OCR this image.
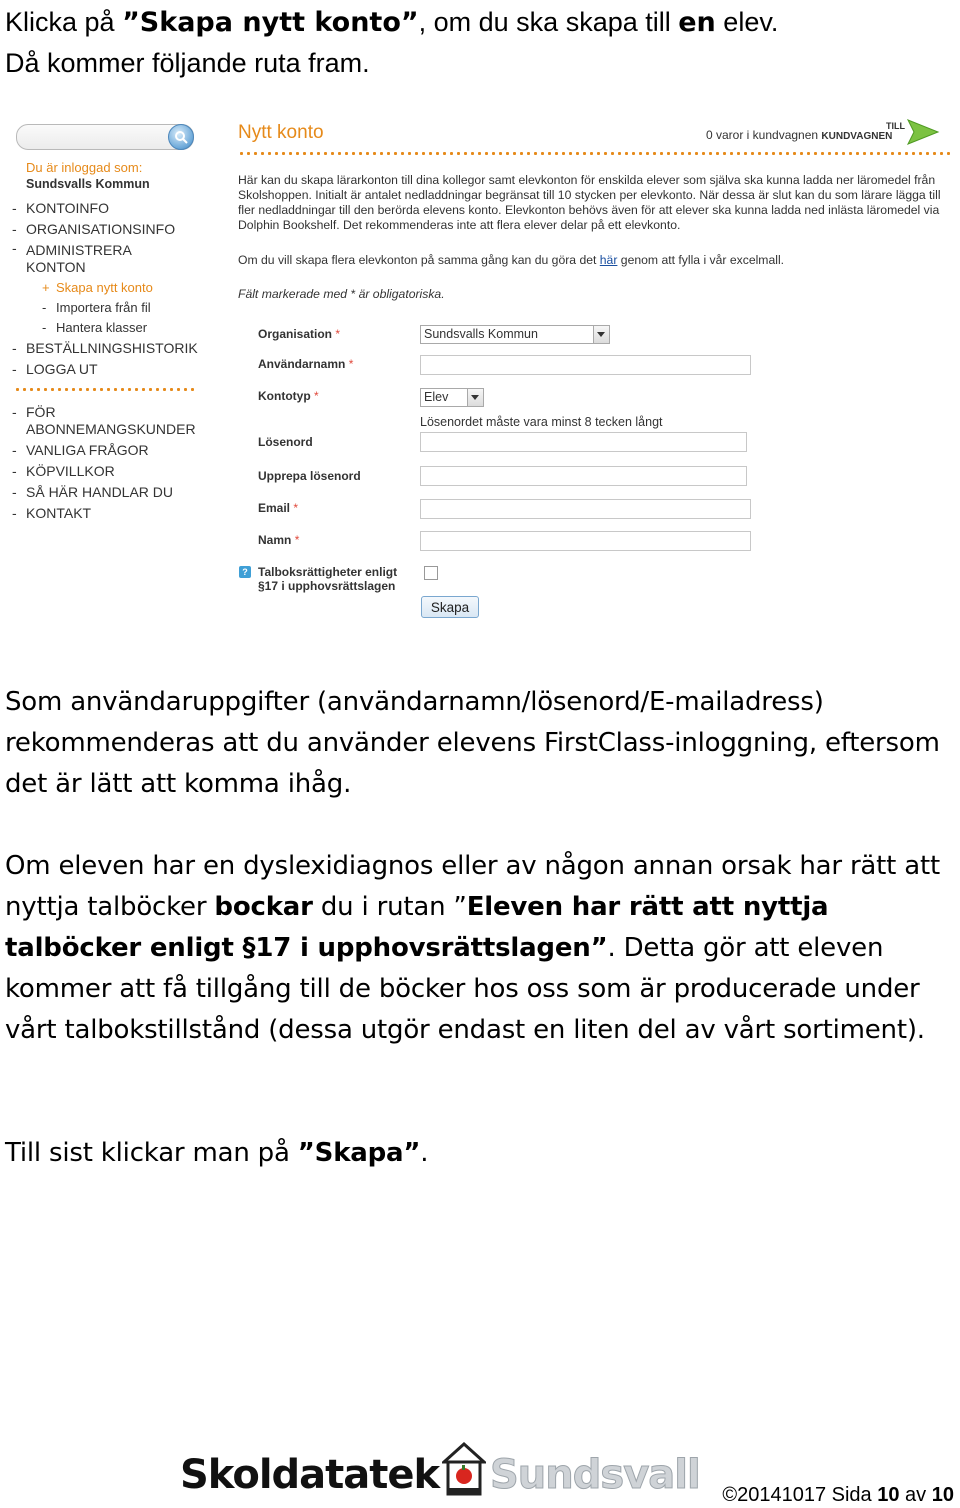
Klicka på ”Skapa nytt konto”, om du ska skapa till en elev.
Då kommer följande ruta fram.
Du är inloggad som:
Sundsvalls Kommun
- KONTOINFO
- ORGANISATIONSINFO
- ADMINISTRERA KONTON
+ Skapa nytt konto
- Importera från fil
- Hantera klasser
- BESTÄLLNINGSHISTORIK
- LOGGA UT
- FÖR ABONNEMANGSKUNDER
- VANLIGA FRÅGOR
- KÖPVILLKOR
- SÅ HÄR HANDLAR DU
- KONTAKT
Nytt konto	0 varor i kundvagnen KUNDVAGNEN
TILL
Här kan du skapa lärarkonton till dina kollegor samt elevkonton för enskilda elever som själva ska kunna ladda ner läromedel från Skolshoppen. Initialt är antalet nedladdningar begränsat till 10 stycken per elevkonto. När dessa är slut kan du som lärare lägga till fler nedladdningar till den berörda elevens konto. Elevkonton behövs även för att elever ska kunna ladda ned inlästa läromedel via Dolphin Bookshelf. Det rekommenderas inte att flera elever delar på ett elevkonto.
Om du vill skapa flera elevkonton på samma gång kan du göra det här genom att fylla i vår excelmall.
Fält markerade med * är obligatoriska.
Organisation *	Sundsvalls Kommun
Användarnamn *
Kontotyp *	Elev
Lösenordet måste vara minst 8 tecken långt
Lösenord
Upprepa lösenord
Email *
Namn *
? Talboksrättigheter enligt
§17 i upphovsrättslagen
Skapa
Som användaruppgifter (användarnamn/lösenord/E-mailadress) rekommenderas att du använder elevens FirstClass-inloggning, eftersom det är lätt att komma ihåg.
Om eleven har en dyslexidiagnos eller av någon annan orsak har rätt att nyttja talböcker bockar du i rutan ”Eleven har rätt att nyttja talböcker enligt §17 i upphovsrättslagen”. Detta gör att eleven kommer att få tillgång till de böcker hos oss som är producerade under vårt talbokstillstånd (dessa utgör endast en liten del av vårt sortiment).
Till sist klickar man på ”Skapa”.
Skoldatatek Sundsvall ©20141017 Sida 10 av 10
